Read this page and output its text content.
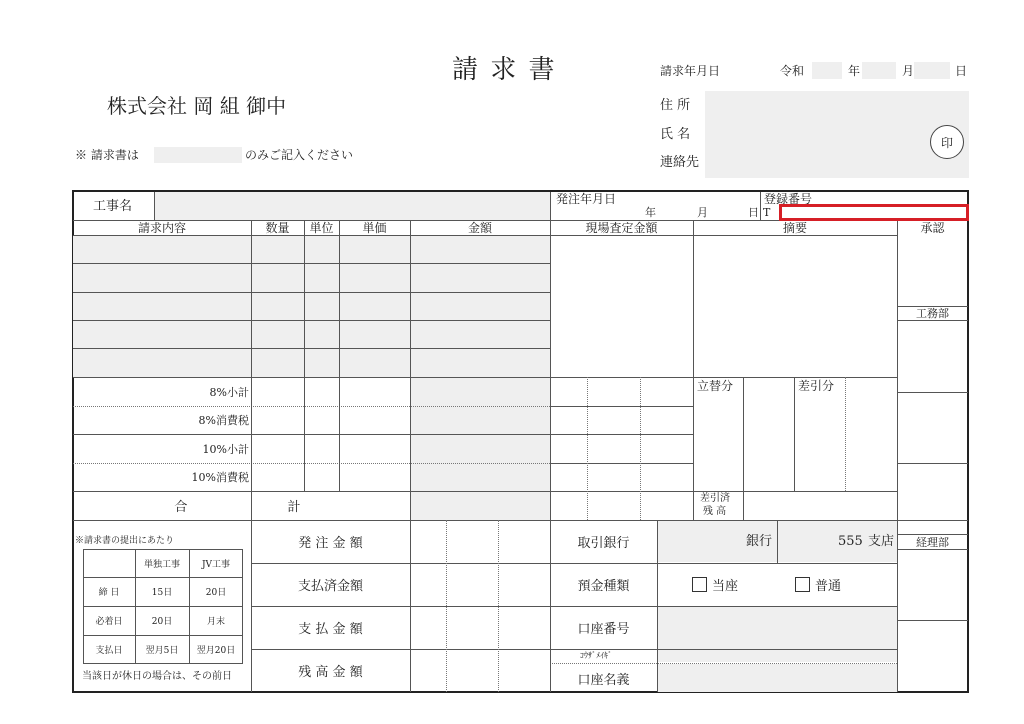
請 求 書
株式会社 岡 組 御中
※ 請求書は	のみご記入ください
請求年月日	令和	年	月	日
住 所
氏 名
連絡先
印
工事名	発注年月日
年	月	日
登録番号
T
請求内容	数量	単位	単価	金額	現場査定金額	摘要	承認
8%小計
8%消費税
10%小計
10%消費税
合 計
立替分	差引分
差引済
残 高
工務部
経理部
※請求書の提出にあたり
単独工事	JV工事
締 日	15日	20日
必着日	20日	月末
支払日	翌月5日	翌月20日
当該日が休日の場合は、その前日
発 注 金 額
支払済金額
支 払 金 額
残 高 金 額
取引銀行	銀行	555 支店
預金種類	当座	普通
口座番号
ｺｳｻﾞﾒｲｷﾞ
口座名義
